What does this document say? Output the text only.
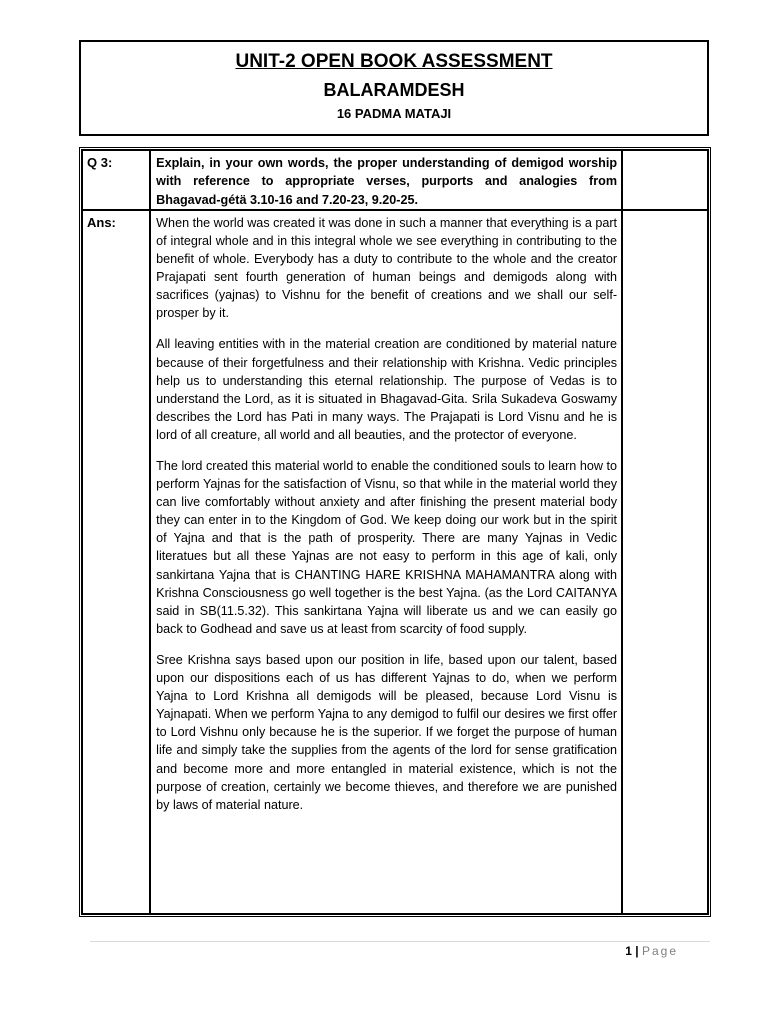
UNIT-2 OPEN BOOK ASSESSMENT
BALARAMDESH
16 PADMA MATAJI
Q 3:	Explain, in your own words, the proper understanding of demigod worship with reference to appropriate verses, purports and analogies from Bhagavad-gétä 3.10-16 and 7.20-23, 9.20-25.	

Ans:	When the world was created it was done in such a manner that everything is a part of integral whole and in this integral whole we see everything in contributing to the benefit of whole. Everybody has a duty to contribute to the whole and the creator Prajapati sent fourth generation of human beings and demigods along with sacrifices (yajnas) to Vishnu for the benefit of creations and we shall our self-prosper by it.

All leaving entities with in the material creation are conditioned by material nature because of their forgetfulness and their relationship with Krishna. Vedic principles help us to understanding this eternal relationship. The purpose of Vedas is to understand the Lord, as it is situated in Bhagavad-Gita. Srila Sukadeva Goswamy describes the Lord has Pati in many ways. The Prajapati is Lord Visnu and he is lord of all creature, all world and all beauties, and the protector of everyone.

The lord created this material world to enable the conditioned souls to learn how to perform Yajnas for the satisfaction of Visnu, so that while in the material world they can live comfortably without anxiety and after finishing the present material body they can enter in to the Kingdom of God. We keep doing our work but in the spirit of Yajna and that is the path of prosperity. There are many Yajnas in Vedic literatues but all these Yajnas are not easy to perform in this age of kali, only sankirtana Yajna that is CHANTING HARE KRISHNA MAHAMANTRA along with Krishna Consciousness go well together is the best Yajna. (as the Lord CAITANYA said in SB(11.5.32). This sankirtana Yajna will liberate us and we can easily go back to Godhead and save us at least from scarcity of food supply.

Sree Krishna says based upon our position in life, based upon our talent, based upon our dispositions each of us has different Yajnas to do, when we perform Yajna to Lord Krishna all demigods will be pleased, because Lord Visnu is Yajnapati. When we perform Yajna to any demigod to fulfil our desires we first offer to Lord Vishnu only because he is the superior. If we forget the purpose of human life and simply take the supplies from the agents of the lord for sense gratification and become more and more entangled in material existence, which is not the purpose of creation, certainly we become thieves, and therefore we are punished by laws of material nature.	

1 | Page
